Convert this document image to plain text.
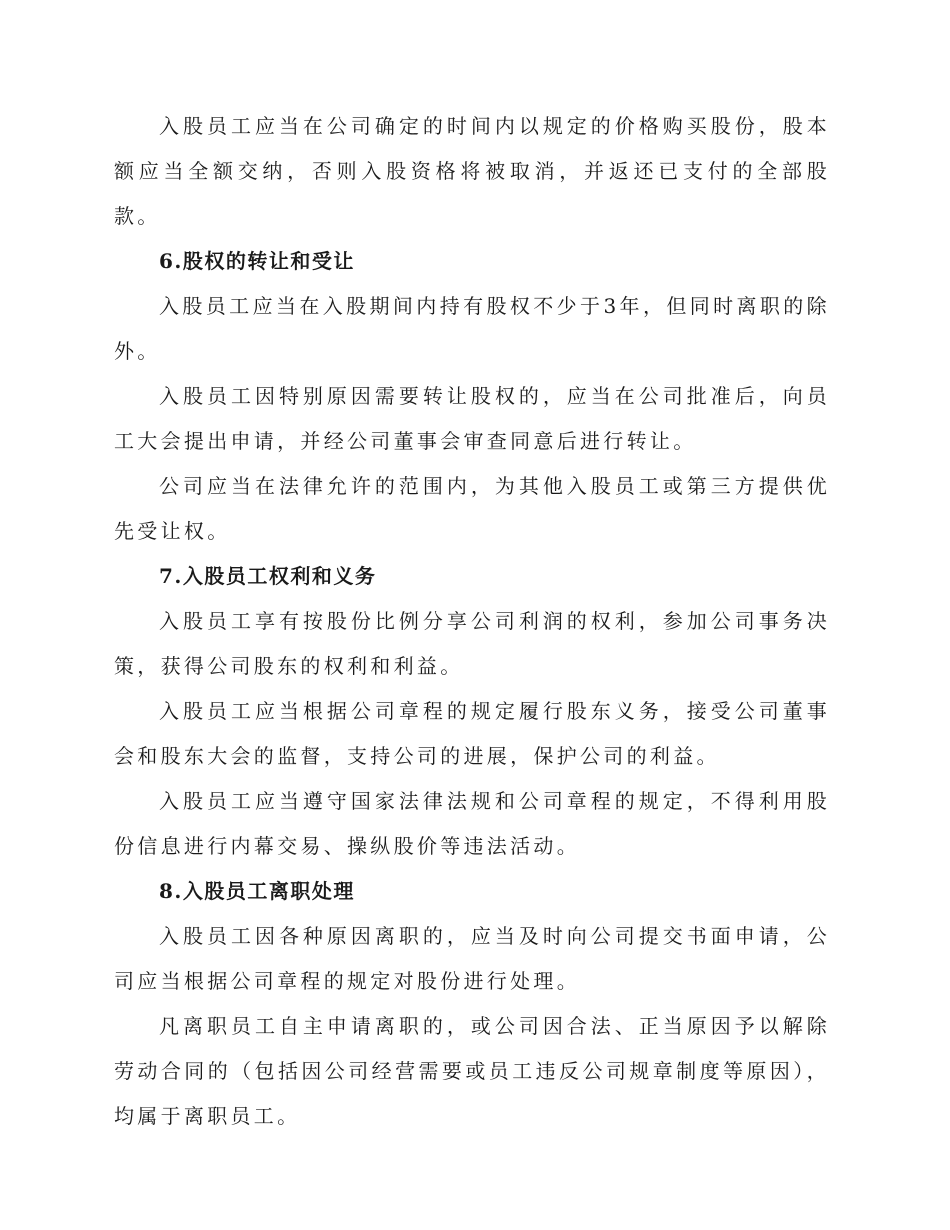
入股员工应当在公司确定的时间内以规定的价格购买股份，股本额应当全额交纳，否则入股资格将被取消，并返还已支付的全部股款。

6.股权的转让和受让

入股员工应当在入股期间内持有股权不少于3年，但同时离职的除外。

入股员工因特别原因需要转让股权的，应当在公司批准后，向员工大会提出申请，并经公司董事会审查同意后进行转让。

公司应当在法律允许的范围内，为其他入股员工或第三方提供优先受让权。

7.入股员工权利和义务

入股员工享有按股份比例分享公司利润的权利，参加公司事务决策，获得公司股东的权利和利益。

入股员工应当根据公司章程的规定履行股东义务，接受公司董事会和股东大会的监督，支持公司的进展，保护公司的利益。

入股员工应当遵守国家法律法规和公司章程的规定，不得利用股份信息进行内幕交易、操纵股价等违法活动。

8.入股员工离职处理

入股员工因各种原因离职的，应当及时向公司提交书面申请，公司应当根据公司章程的规定对股份进行处理。

凡离职员工自主申请离职的，或公司因合法、正当原因予以解除劳动合同的（包括因公司经营需要或员工违反公司规章制度等原因），均属于离职员工。
